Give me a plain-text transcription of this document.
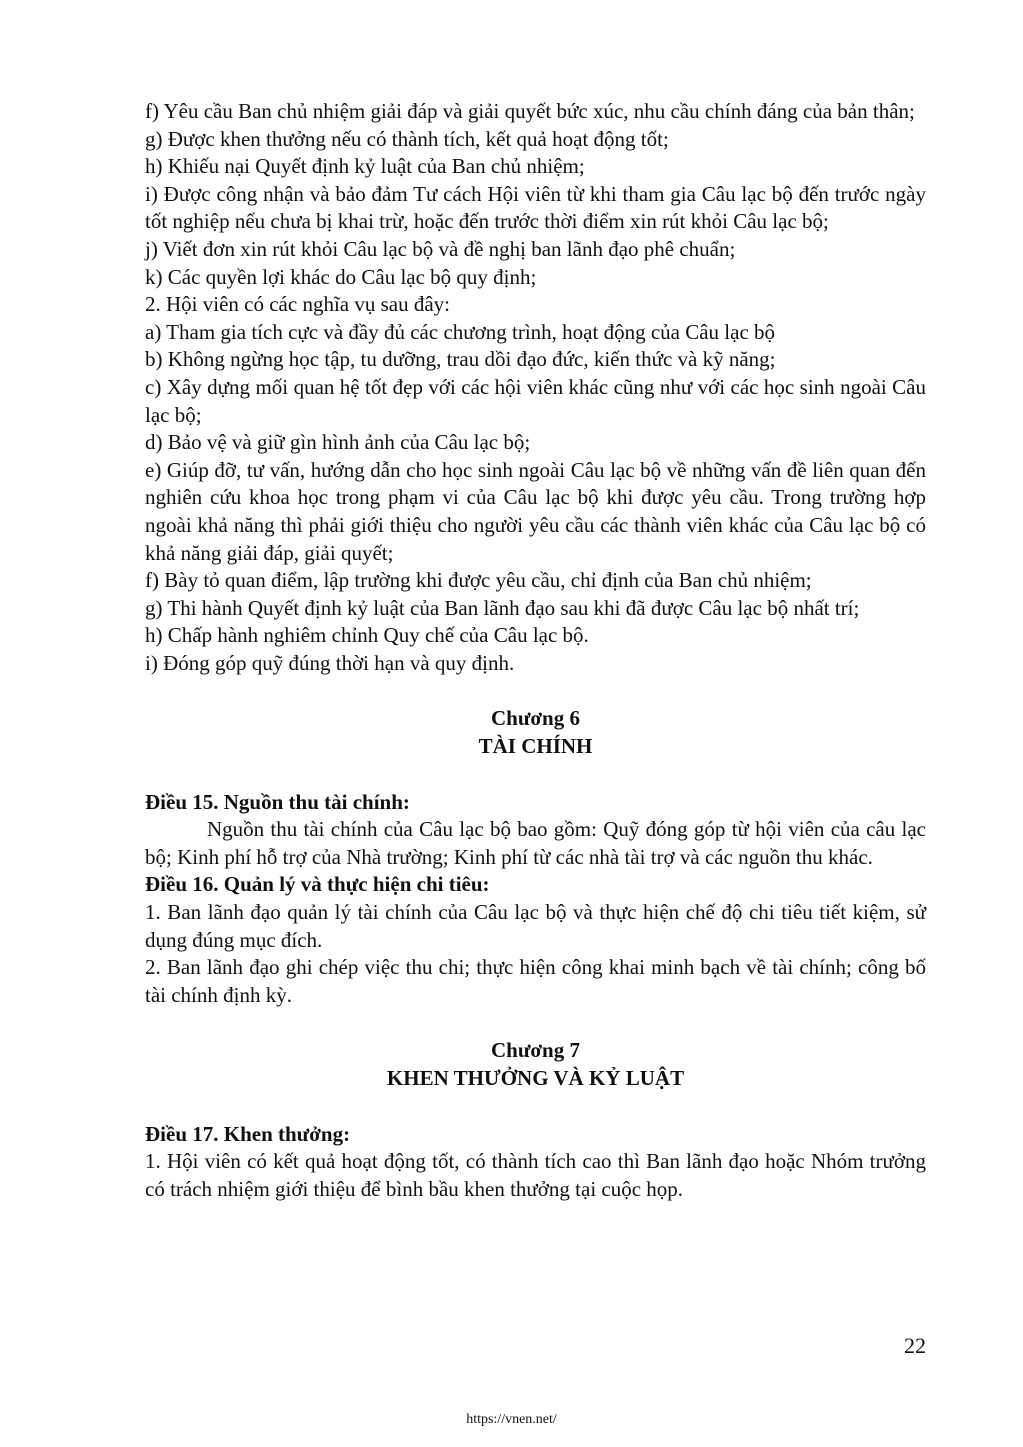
f) Yêu cầu Ban chủ nhiệm giải đáp và giải quyết bức xúc, nhu cầu chính đáng của bản thân;

g) Được khen thưởng nếu có thành tích, kết quả hoạt động tốt;

h) Khiếu nại Quyết định kỷ luật của Ban chủ nhiệm;

i) Được công nhận và bảo đảm Tư cách Hội viên từ khi tham gia Câu lạc bộ đến trước ngày tốt nghiệp nếu chưa bị khai trừ, hoặc đến trước thời điểm xin rút khỏi Câu lạc bộ;

j) Viết đơn xin rút khỏi Câu lạc bộ và đề nghị ban lãnh đạo phê chuẩn;

k) Các quyền lợi khác do Câu lạc bộ quy định;

2. Hội viên có các nghĩa vụ sau đây:

a) Tham gia tích cực và đầy đủ các chương trình, hoạt động của Câu lạc bộ

b) Không ngừng học tập, tu dưỡng, trau dồi đạo đức, kiến thức và kỹ năng;

c) Xây dựng mối quan hệ tốt đẹp với các hội viên khác cũng như với các học sinh ngoài Câu lạc bộ;

d) Bảo vệ và giữ gìn hình ảnh của Câu lạc bộ;

e) Giúp đỡ, tư vấn, hướng dẫn cho học sinh ngoài Câu lạc bộ về những vấn đề liên quan đến nghiên cứu khoa học trong phạm vi của Câu lạc bộ khi được yêu cầu. Trong trường hợp ngoài khả năng thì phải giới thiệu cho người yêu cầu các thành viên khác của Câu lạc bộ có khả năng giải đáp, giải quyết;

f) Bày tỏ quan điểm, lập trường khi được yêu cầu, chỉ định của Ban chủ nhiệm;

g) Thi hành Quyết định kỷ luật của Ban lãnh đạo sau khi đã được Câu lạc bộ nhất trí;

h) Chấp hành nghiêm chỉnh Quy chế của Câu lạc bộ.

i) Đóng góp quỹ đúng thời hạn và quy định.

Chương 6

TÀI CHÍNH

Điều 15. Nguồn thu tài chính:

Nguồn thu tài chính của Câu lạc bộ bao gồm: Quỹ đóng góp từ hội viên của câu lạc bộ; Kinh phí hỗ trợ của Nhà trường; Kinh phí từ các nhà tài trợ và các nguồn thu khác.

Điều 16. Quản lý và thực hiện chi tiêu:

1. Ban lãnh đạo quản lý tài chính của Câu lạc bộ và thực hiện chế độ chi tiêu tiết kiệm, sử dụng đúng mục đích.

2. Ban lãnh đạo ghi chép việc thu chi; thực hiện công khai minh bạch về tài chính; công bố tài chính định kỳ.

Chương 7

KHEN THƯỞNG VÀ KỶ LUẬT

Điều 17. Khen thưởng:

1. Hội viên có kết quả hoạt động tốt, có thành tích cao thì Ban lãnh đạo hoặc Nhóm trưởng có trách nhiệm giới thiệu để bình bầu khen thưởng tại cuộc họp.

22
https://vnen.net/
